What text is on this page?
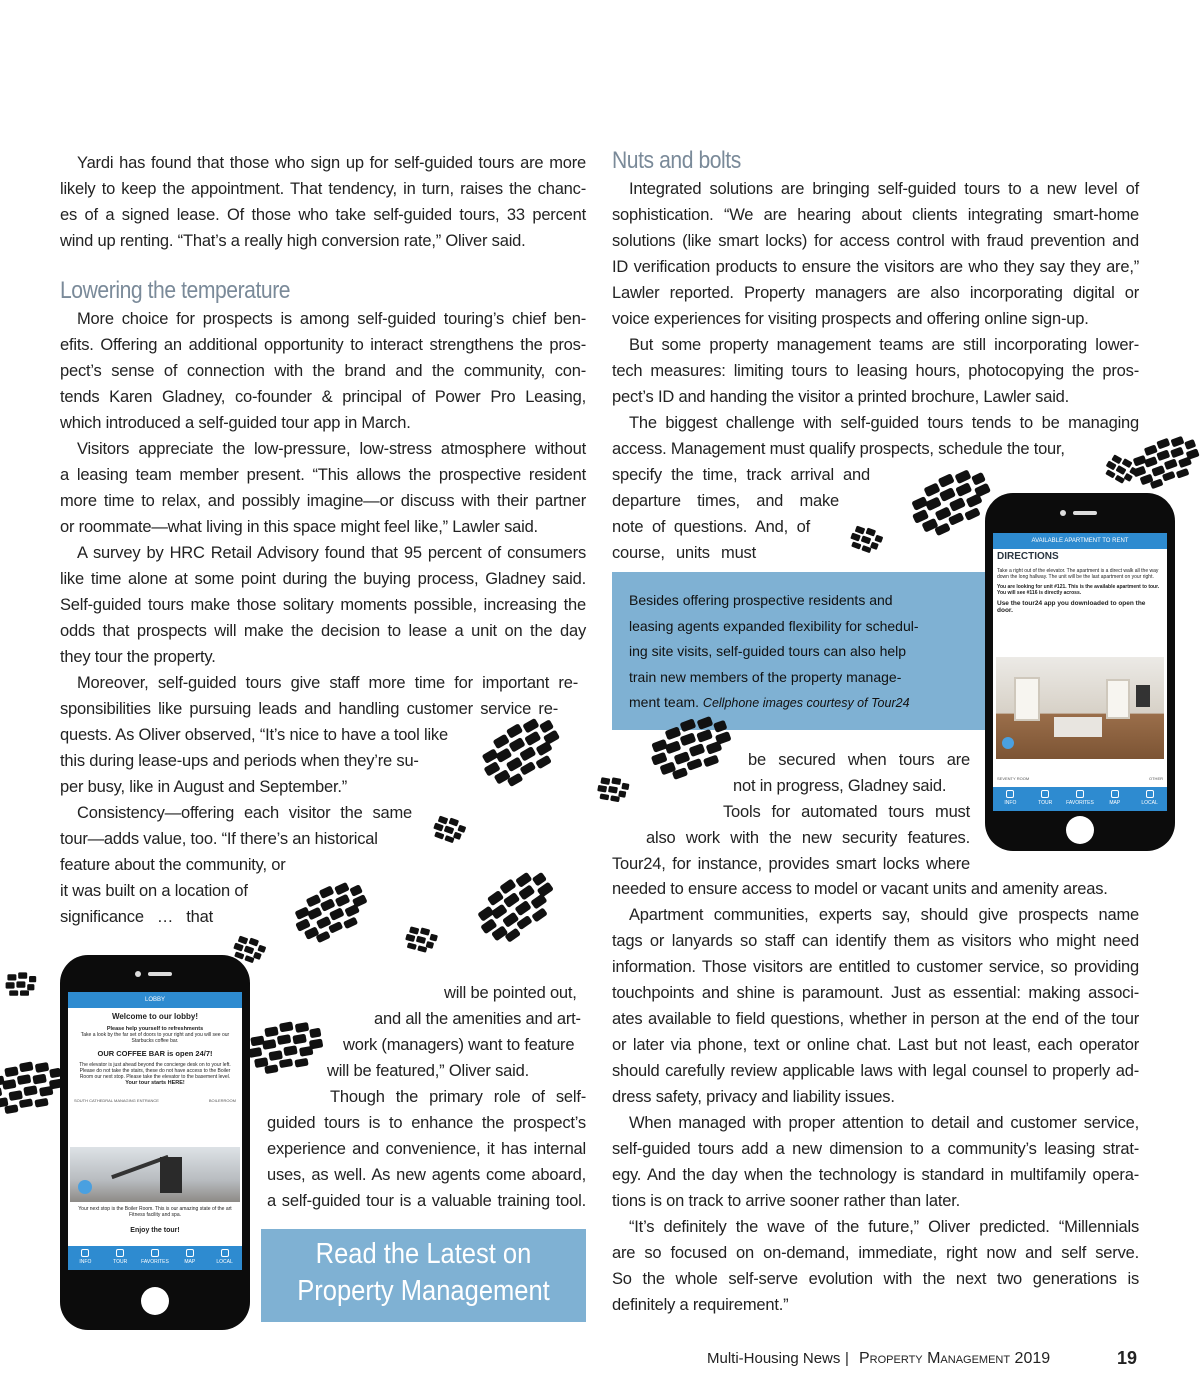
Yardi has found that those who sign up for self-guided tours are more
likely to keep the appointment. That tendency, in turn, raises the chanc-
es of a signed lease. Of those who take self-guided tours, 33 percent
wind up renting. “That’s a really high conversion rate,” Oliver said.
Lowering the temperature
More choice for prospects is among self-guided touring’s chief ben-
efits. Offering an additional opportunity to interact strengthens the pros-
pect’s sense of connection with the brand and the community, con-
tends Karen Gladney, co-founder & principal of Power Pro Leasing,
which introduced a self-guided tour app in March.
Visitors appreciate the low-pressure, low-stress atmosphere without
a leasing team member present. “This allows the prospective resident
more time to relax, and possibly imagine—or discuss with their partner
or roommate—what living in this space might feel like,” Lawler said.
A survey by HRC Retail Advisory found that 95 percent of consumers
like time alone at some point during the buying process, Gladney said.
Self-guided tours make those solitary moments possible, increasing the
odds that prospects will make the decision to lease a unit on the day
they tour the property.
Moreover, self-guided tours give staff more time for important re-
sponsibilities like pursuing leads and handling customer service re-
quests. As Oliver observed, “It’s nice to have a tool like
this during lease-ups and periods when they’re su-
per busy, like in August and September.”
Consistency—offering each visitor the same
tour—adds value, too. “If there’s an historical
feature about the community, or
it was built on a location of
significance … that
will be pointed out,
and all the amenities and art-
work (managers) want to feature
will be featured,” Oliver said.
Though the primary role of self-
guided tours is to enhance the prospect’s
experience and convenience, it has internal
uses, as well. As new agents come aboard,
a self-guided tour is a valuable training tool.
Read the Latest on
Property Management
Nuts and bolts
Integrated solutions are bringing self-guided tours to a new level of
sophistication. “We are hearing about clients integrating smart-home
solutions (like smart locks) for access control with fraud prevention and
ID verification products to ensure the visitors are who they say they are,”
Lawler reported. Property managers are also incorporating digital or
voice experiences for visiting prospects and offering online sign-up.
But some property management teams are still incorporating lower-
tech measures: limiting tours to leasing hours, photocopying the pros-
pect’s ID and handing the visitor a printed brochure, Lawler said.
The biggest challenge with self-guided tours tends to be managing
access. Management must qualify prospects, schedule the tour,
specify the time, track arrival and
departure times, and make
note of questions. And, of
course, units must
be secured when tours are
not in progress, Gladney said.
Tools for automated tours must
also work with the new security features.
Tour24, for instance, provides smart locks where
needed to ensure access to model or vacant units and amenity areas.
Apartment communities, experts say, should give prospects name
tags or lanyards so staff can identify them as visitors who might need
information. Those visitors are entitled to customer service, so providing
touchpoints and shine is paramount. Just as essential: making associ-
ates available to field questions, whether in person at the end of the tour
or later via phone, text or online chat. Last but not least, each operator
should carefully review applicable laws with legal counsel to properly ad-
dress safety, privacy and liability issues.
When managed with proper attention to detail and customer service,
self-guided tours add a new dimension to a community’s leasing strat-
egy. And the day when the technology is standard in multifamily opera-
tions is on track to arrive sooner rather than later.
“It’s definitely the wave of the future,” Oliver predicted. “Millennials
are so focused on on-demand, immediate, right now and self serve.
So the whole self-serve evolution with the next two generations is
definitely a requirement.”
Besides offering prospective residents and
leasing agents expanded flexibility for schedul-
ing site visits, self-guided tours can also help
train new members of the property manage-
ment team. Cellphone images courtesy of Tour24
LOBBY
Welcome to our lobby!
Please help yourself to refreshments
Take a look by the far set of doors to your right and you will see our Starbucks coffee bar.
OUR COFFEE BAR is open 24/7!
The elevator is just ahead beyond the concierge desk on to your left. Please do not take the stairs, these do not have access to the Boiler Room our next stop. Please take the elevator to the basement level.
Your tour starts HERE!
SOUTH CATHEDRAL MANAGING ENTRANCE	BOILERROOM
Your next stop is the Boiler Room. This is our amazing state of the art Fitness facility and spa.
Enjoy the tour!
INFO	TOUR	FAVORITES	MAP	LOCAL
AVAILABLE APARTMENT TO RENT
DIRECTIONS
Take a right out of the elevator. The apartment is a direct walk all the way down the long hallway. The unit will be the last apartment on your right.
You are looking for unit #121. This is the available apartment to tour. You will see #116 is directly across.
Use the tour24 app you downloaded to open the door.
SEVENTY ROOM	OTHER
INFO	TOUR	FAVORITES	MAP	LOCAL
Multi-Housing News | Property Management 2019	19
